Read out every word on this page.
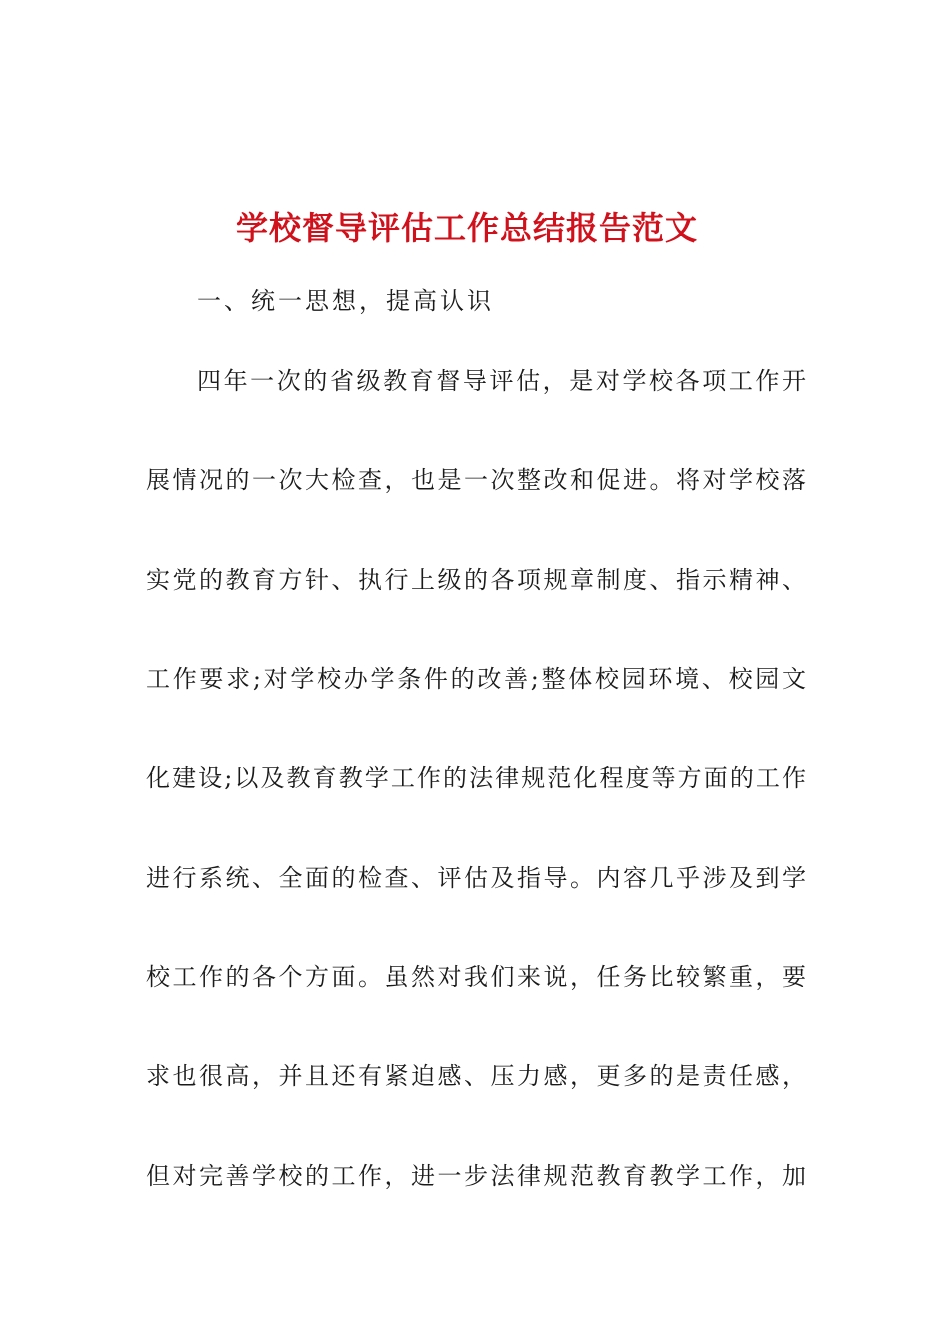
学校督导评估工作总结报告范文
一、统一思想，提高认识
四年一次的省级教育督导评估，是对学校各项工作开
展情况的一次大检查，也是一次整改和促进。将对学校落
实党的教育方针、执行上级的各项规章制度、指示精神、
工作要求;对学校办学条件的改善;整体校园环境、校园文
化建设;以及教育教学工作的法律规范化程度等方面的工作
进行系统、全面的检查、评估及指导。内容几乎涉及到学
校工作的各个方面。虽然对我们来说，任务比较繁重，要
求也很高，并且还有紧迫感、压力感，更多的是责任感，
但对完善学校的工作，进一步法律规范教育教学工作，加
